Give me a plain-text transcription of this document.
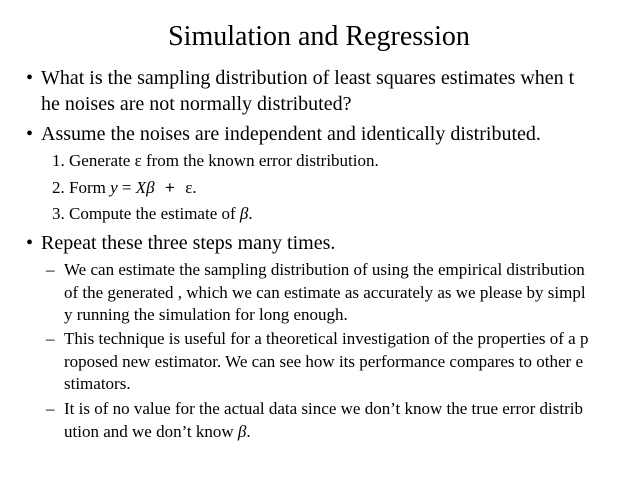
Simulation and Regression
• What is the sampling distribution of least squares estimates when t
he noises are not normally distributed?
• Assume the noises are independent and identically distributed.
1. Generate ε from the known error distribution.
2. Form y = Xβ + ε.
3. Compute the estimate of β.
• Repeat these three steps many times.
– We can estimate the sampling distribution of using the empirical distribution
of the generated , which we can estimate as accurately as we please by simpl
y running the simulation for long enough.
– This technique is useful for a theoretical investigation of the properties of a p
roposed new estimator. We can see how its performance compares to other e
stimators.
– It is of no value for the actual data since we don’t know the true error distrib
ution and we don’t know β.
